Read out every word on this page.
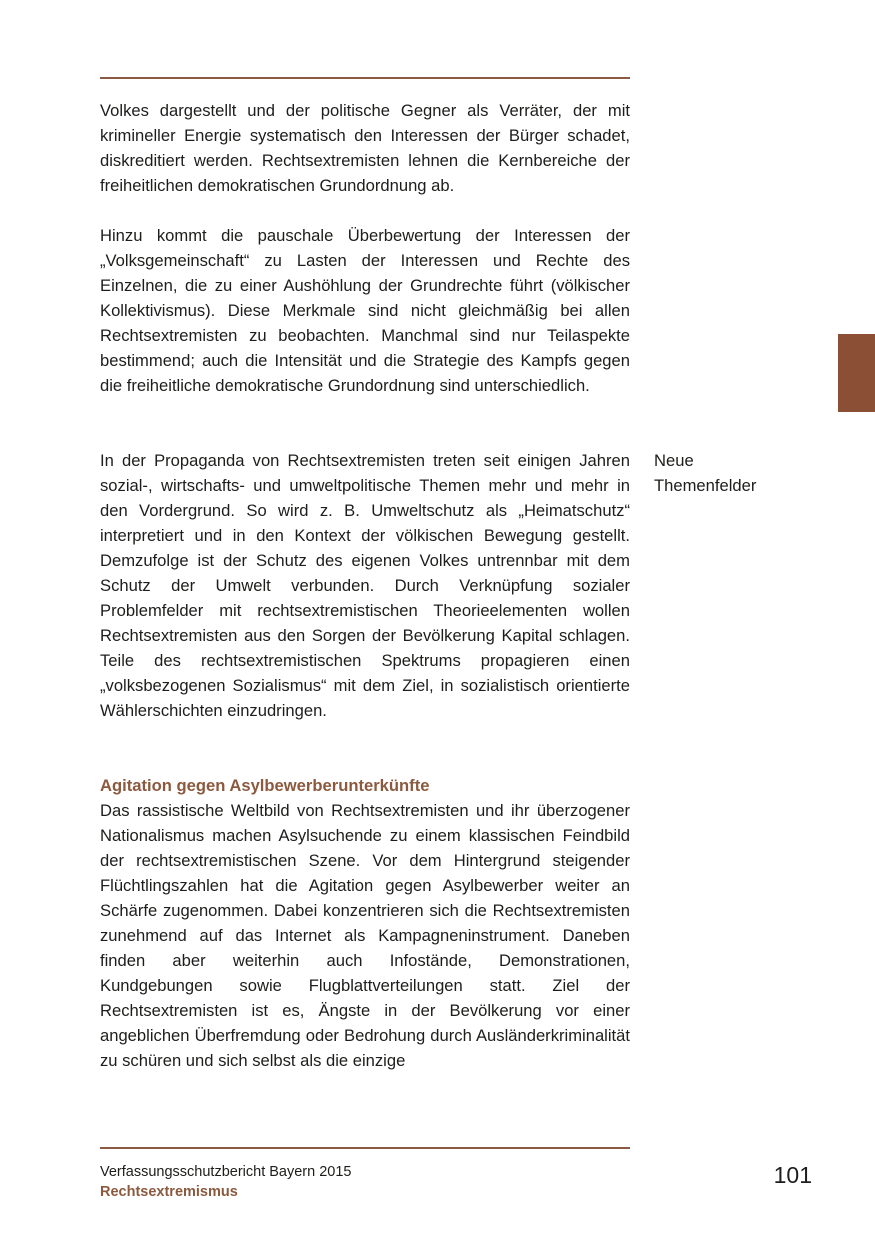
Volkes dargestellt und der politische Gegner als Verräter, der mit krimineller Energie systematisch den Interessen der Bürger schadet, diskreditiert werden. Rechtsextremisten lehnen die Kernbereiche der freiheitlichen demokratischen Grundordnung ab.

Hinzu kommt die pauschale Überbewertung der Interessen der „Volksgemeinschaft“ zu Lasten der Interessen und Rechte des Einzelnen, die zu einer Aushöhlung der Grundrechte führt (völkischer Kollektivismus). Diese Merkmale sind nicht gleichmäßig bei allen Rechtsextremisten zu beobachten. Manchmal sind nur Teilaspekte bestimmend; auch die Intensität und die Strategie des Kampfs gegen die freiheitliche demokratische Grundordnung sind unterschiedlich.

In der Propaganda von Rechtsextremisten treten seit einigen Jahren sozial-, wirtschafts- und umweltpolitische Themen mehr und mehr in den Vordergrund. So wird z. B. Umweltschutz als „Heimatschutz“ interpretiert und in den Kontext der völkischen Bewegung gestellt. Demzufolge ist der Schutz des eigenen Volkes untrennbar mit dem Schutz der Umwelt verbunden. Durch Verknüpfung sozialer Problemfelder mit rechtsextremistischen Theorieelementen wollen Rechtsextremisten aus den Sorgen der Bevölkerung Kapital schlagen. Teile des rechtsextremistischen Spektrums propagieren einen „volksbezogenen Sozialismus“ mit dem Ziel, in sozialistisch orientierte Wählerschichten einzudringen.

Neue
Themenfelder
Agitation gegen Asylbewerberunterkünfte

Das rassistische Weltbild von Rechtsextremisten und ihr überzogener Nationalismus machen Asylsuchende zu einem klassischen Feindbild der rechtsextremistischen Szene. Vor dem Hintergrund steigender Flüchtlingszahlen hat die Agitation gegen Asylbewerber weiter an Schärfe zugenommen. Dabei konzentrieren sich die Rechtsextremisten zunehmend auf das Internet als Kampagneninstrument. Daneben finden aber weiterhin auch Infostände, Demonstrationen, Kundgebungen sowie Flugblattverteilungen statt. Ziel der Rechtsextremisten ist es, Ängste in der Bevölkerung vor einer angeblichen Überfremdung oder Bedrohung durch Ausländerkriminalität zu schüren und sich selbst als die einzige

Verfassungsschutzbericht Bayern 2015
Rechtsextremismus
101
